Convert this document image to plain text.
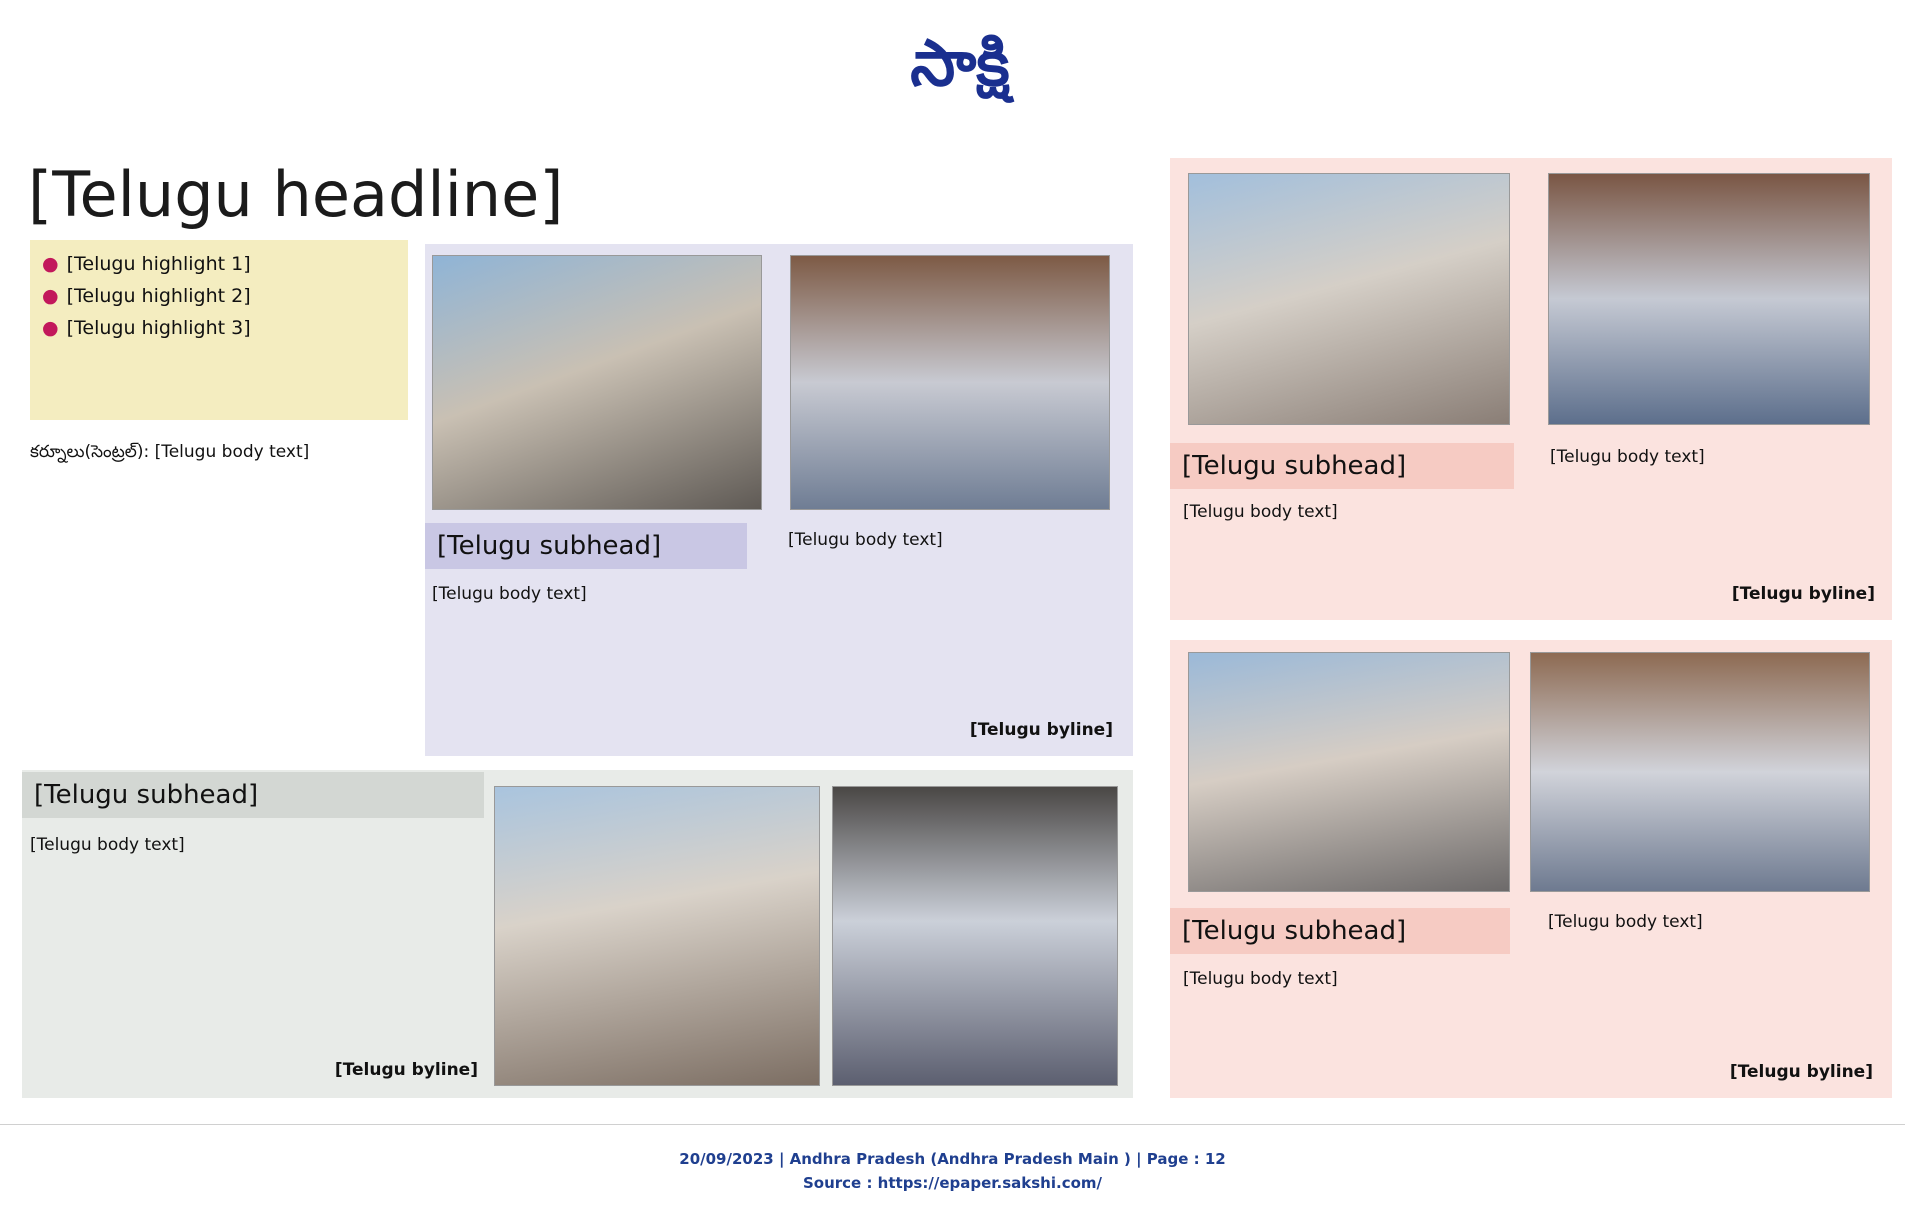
సాక్షి
[Telugu headline]
● [Telugu highlight 1]
● [Telugu highlight 2]
● [Telugu highlight 3]
కర్నూలు(సెంట్రల్): [Telugu body text]
[Telugu subhead]
[Telugu body text]
[Telugu body text]
[Telugu byline]
[Telugu subhead]
[Telugu body text]
[Telugu byline]
[Telugu subhead]
[Telugu body text]
[Telugu body text]
[Telugu byline]
[Telugu subhead]
[Telugu body text]
[Telugu body text]
[Telugu byline]
20/09/2023 | Andhra Pradesh (Andhra Pradesh Main ) | Page : 12
Source : https://epaper.sakshi.com/
